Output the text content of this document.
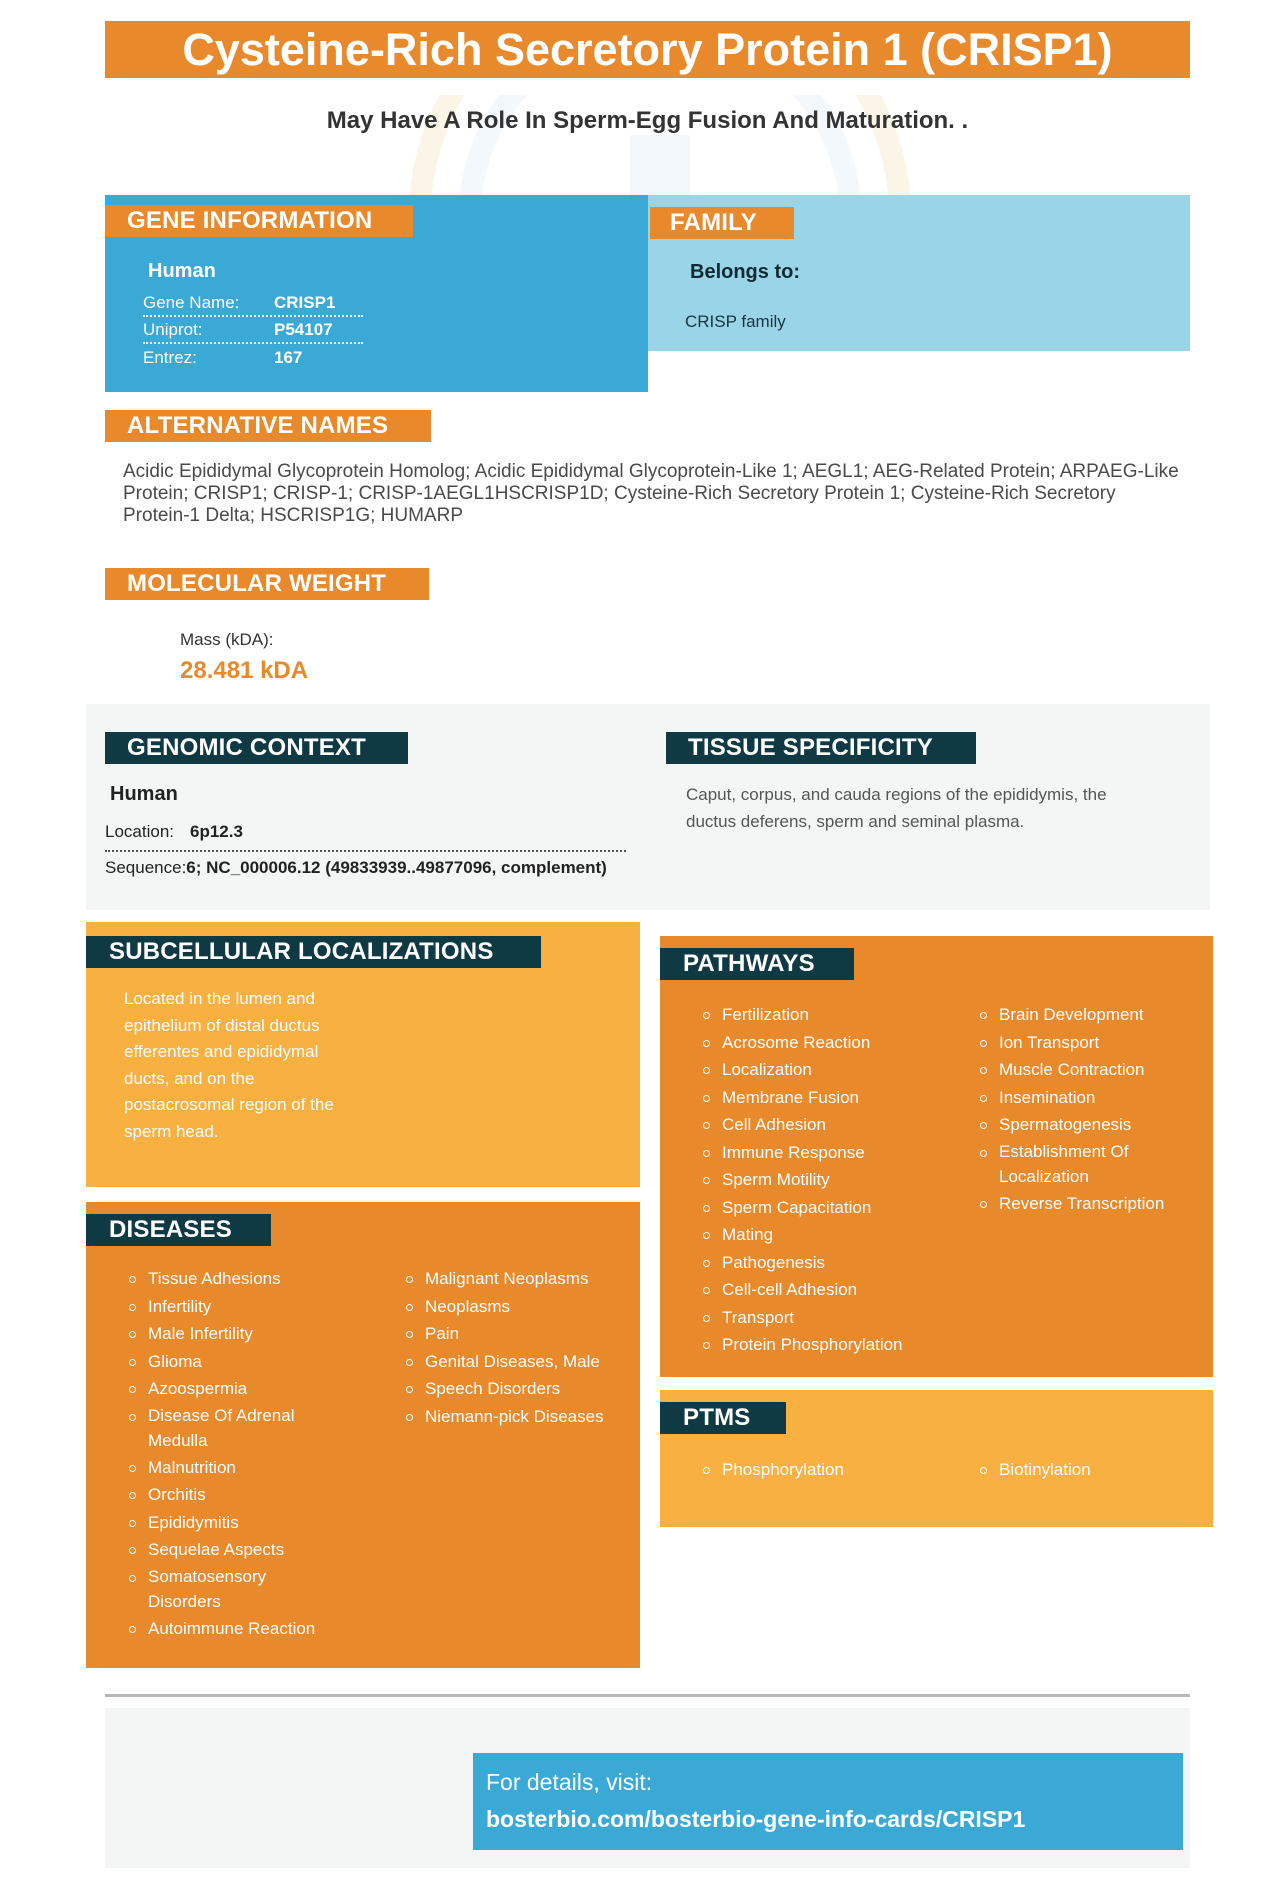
Cysteine-Rich Secretory Protein 1 (CRISP1)
May Have A Role In Sperm-Egg Fusion And Maturation. .
GENE INFORMATION
Human
Gene Name:	CRISP1
Uniprot:	P54107
Entrez:	167
FAMILY
Belongs to:
CRISP family
ALTERNATIVE NAMES
Acidic Epididymal Glycoprotein Homolog; Acidic Epididymal Glycoprotein-Like 1; AEGL1; AEG-Related Protein; ARPAEG-Like Protein; CRISP1; CRISP-1; CRISP-1AEGL1HSCRISP1D; Cysteine-Rich Secretory Protein 1; Cysteine-Rich Secretory Protein-1 Delta; HSCRISP1G; HUMARP
MOLECULAR WEIGHT
Mass (kDA):
28.481 kDA
GENOMIC CONTEXT
Human
Location: 6p12.3
Sequence: 6; NC_000006.12 (49833939..49877096, complement)
TISSUE SPECIFICITY
Caput, corpus, and cauda regions of the epididymis, the ductus deferens, sperm and seminal plasma.
SUBCELLULAR LOCALIZATIONS
Located in the lumen and epithelium of distal ductus efferentes and epididymal ducts, and on the postacrosomal region of the sperm head.
DISEASES
Tissue Adhesions
Infertility
Male Infertility
Glioma
Azoospermia
Disease Of Adrenal Medulla
Malnutrition
Orchitis
Epididymitis
Sequelae Aspects
Somatosensory Disorders
Autoimmune Reaction
Malignant Neoplasms
Neoplasms
Pain
Genital Diseases, Male
Speech Disorders
Niemann-pick Diseases
PATHWAYS
Fertilization
Acrosome Reaction
Localization
Membrane Fusion
Cell Adhesion
Immune Response
Sperm Motility
Sperm Capacitation
Mating
Pathogenesis
Cell-cell Adhesion
Transport
Protein Phosphorylation
Brain Development
Ion Transport
Muscle Contraction
Insemination
Spermatogenesis
Establishment Of Localization
Reverse Transcription
PTMS
Phosphorylation	Biotinylation
For details, visit:
bosterbio.com/bosterbio-gene-info-cards/CRISP1
